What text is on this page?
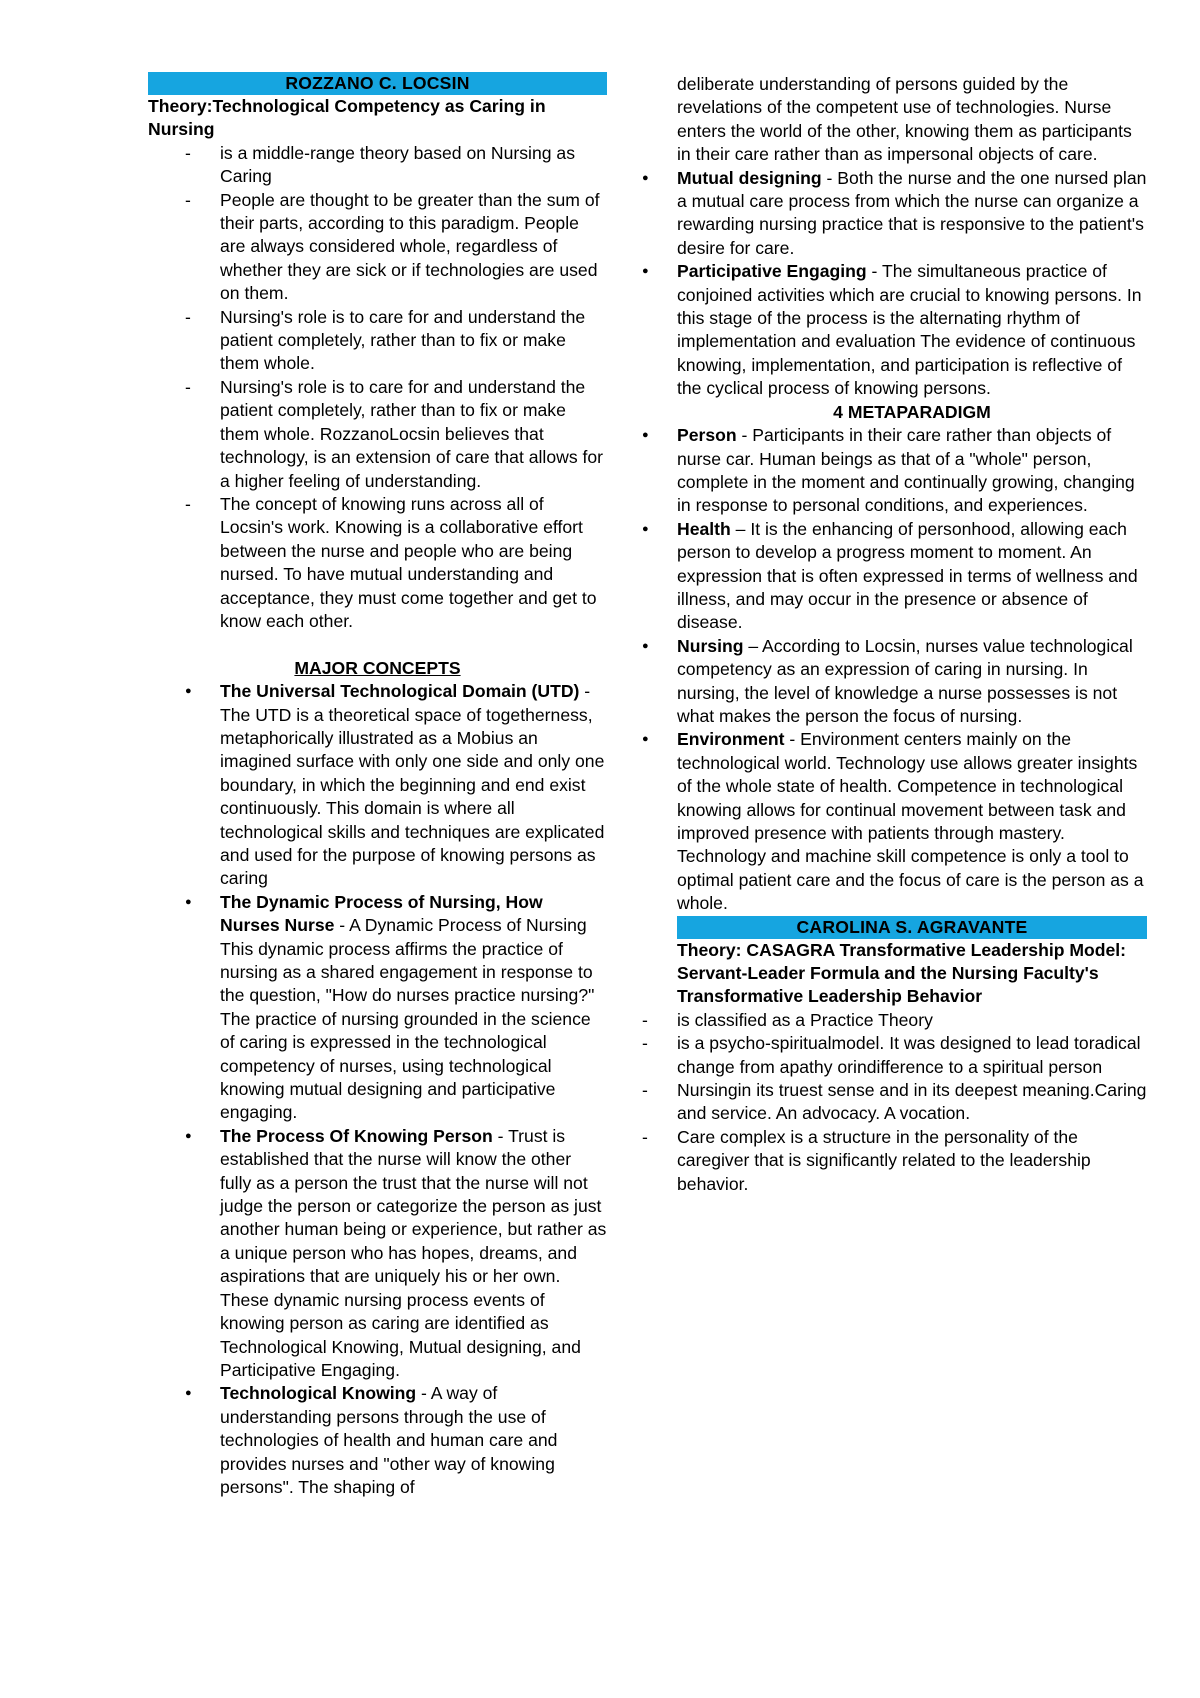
ROZZANO C. LOCSIN
Theory:Technological Competency as Caring in Nursing
- is a middle-range theory based on Nursing as Caring
- People are thought to be greater than the sum of their parts, according to this paradigm. People are always considered whole, regardless of whether they are sick or if technologies are used on them.
- Nursing's role is to care for and understand the patient completely, rather than to fix or make them whole.
- Nursing's role is to care for and understand the patient completely, rather than to fix or make them whole. RozzanoLocsin believes that technology, is an extension of care that allows for a higher feeling of understanding.
- The concept of knowing runs across all of Locsin's work. Knowing is a collaborative effort between the nurse and people who are being nursed. To have mutual understanding and acceptance, they must come together and get to know each other.
MAJOR CONCEPTS
● The Universal Technological Domain (UTD) - The UTD is a theoretical space of togetherness, metaphorically illustrated as a Mobius an imagined surface with only one side and only one boundary, in which the beginning and end exist continuously. This domain is where all technological skills and techniques are explicated and used for the purpose of knowing persons as caring
● The Dynamic Process of Nursing, How Nurses Nurse - A Dynamic Process of Nursing This dynamic process affirms the practice of nursing as a shared engagement in response to the question, "How do nurses practice nursing?" The practice of nursing grounded in the science of caring is expressed in the technological competency of nurses, using technological knowing mutual designing and participative engaging.
● The Process Of Knowing Person - Trust is established that the nurse will know the other fully as a person the trust that the nurse will not judge the person or categorize the person as just another human being or experience, but rather as a unique person who has hopes, dreams, and aspirations that are uniquely his or her own. These dynamic nursing process events of knowing person as caring are identified as Technological Knowing, Mutual designing, and Participative Engaging.
● Technological Knowing - A way of understanding persons through the use of technologies of health and human care and provides nurses and "other way of knowing persons". The shaping of
deliberate understanding of persons guided by the revelations of the competent use of technologies. Nurse enters the world of the other, knowing them as participants in their care rather than as impersonal objects of care.
● Mutual designing - Both the nurse and the one nursed plan a mutual care process from which the nurse can organize a rewarding nursing practice that is responsive to the patient's desire for care.
● Participative Engaging - The simultaneous practice of conjoined activities which are crucial to knowing persons. In this stage of the process is the alternating rhythm of implementation and evaluation The evidence of continuous knowing, implementation, and participation is reflective of the cyclical process of knowing persons.
4 METAPARADIGM
● Person - Participants in their care rather than objects of nurse car. Human beings as that of a "whole" person, complete in the moment and continually growing, changing in response to personal conditions, and experiences.
● Health – It is the enhancing of personhood, allowing each person to develop a progress moment to moment. An expression that is often expressed in terms of wellness and illness, and may occur in the presence or absence of disease.
● Nursing – According to Locsin, nurses value technological competency as an expression of caring in nursing. In nursing, the level of knowledge a nurse possesses is not what makes the person the focus of nursing.
● Environment - Environment centers mainly on the technological world. Technology use allows greater insights of the whole state of health. Competence in technological knowing allows for continual movement between task and improved presence with patients through mastery. Technology and machine skill competence is only a tool to optimal patient care and the focus of care is the person as a whole.
CAROLINA S. AGRAVANTE
Theory: CASAGRA Transformative Leadership Model: Servant-Leader Formula and the Nursing Faculty's Transformative Leadership Behavior
- is classified as a Practice Theory
- is a psycho-spiritualmodel. It was designed to lead toradical change from apathy orindifference to a spiritual person
- Nursingin its truest sense and in its deepest meaning.Caring and service. An advocacy. A vocation.
- Care complex is a structure in the personality of the caregiver that is significantly related to the leadership behavior.
